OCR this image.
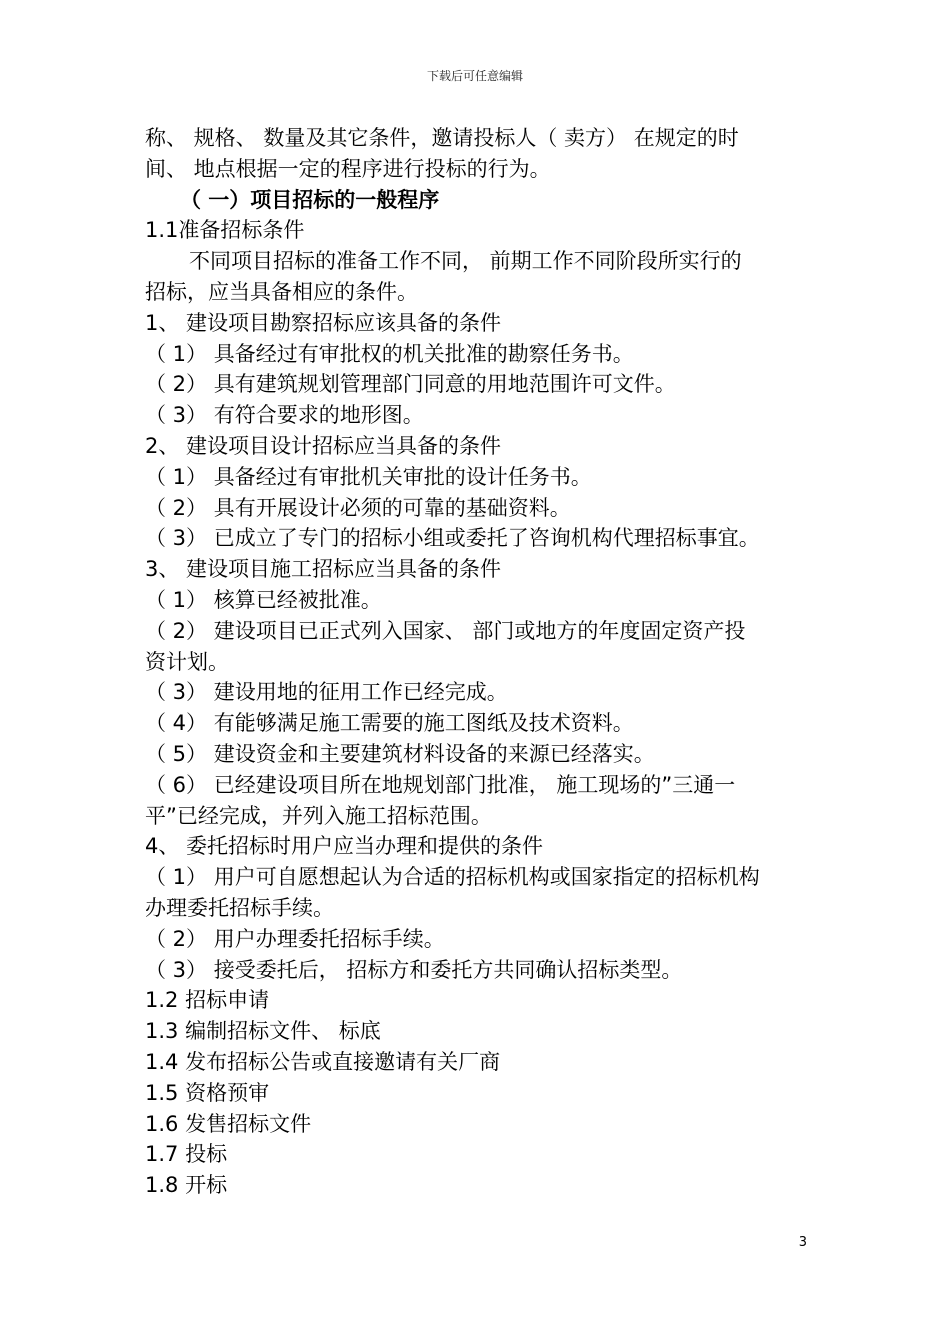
下载后可任意编辑
称、 规格、 数量及其它条件，邀请投标人（ 卖方） 在规定的时
间、 地点根据一定的程序进行投标的行为。
（ 一）项目招标的一般程序
1.1准备招标条件
不同项目招标的准备工作不同， 前期工作不同阶段所实行的
招标，应当具备相应的条件。
1、 建设项目勘察招标应该具备的条件
（ 1） 具备经过有审批权的机关批准的勘察任务书。
（ 2） 具有建筑规划管理部门同意的用地范围许可文件。
（ 3） 有符合要求的地形图。
2、 建设项目设计招标应当具备的条件
（ 1） 具备经过有审批机关审批的设计任务书。
（ 2） 具有开展设计必须的可靠的基础资料。
（ 3） 已成立了专门的招标小组或委托了咨询机构代理招标事宜。
3、 建设项目施工招标应当具备的条件
（ 1） 核算已经被批准。
（ 2） 建设项目已正式列入国家、 部门或地方的年度固定资产投
资计划。
（ 3） 建设用地的征用工作已经完成。
（ 4） 有能够满足施工需要的施工图纸及技术资料。
（ 5） 建设资金和主要建筑材料设备的来源已经落实。
（ 6） 已经建设项目所在地规划部门批准， 施工现场的”三通一
平”已经完成，并列入施工招标范围。
4、 委托招标时用户应当办理和提供的条件
（ 1） 用户可自愿想起认为合适的招标机构或国家指定的招标机构
办理委托招标手续。
（ 2） 用户办理委托招标手续。
（ 3） 接受委托后， 招标方和委托方共同确认招标类型。
1.2 招标申请
1.3 编制招标文件、 标底
1.4 发布招标公告或直接邀请有关厂商
1.5 资格预审
1.6 发售招标文件
1.7 投标
1.8 开标
3
